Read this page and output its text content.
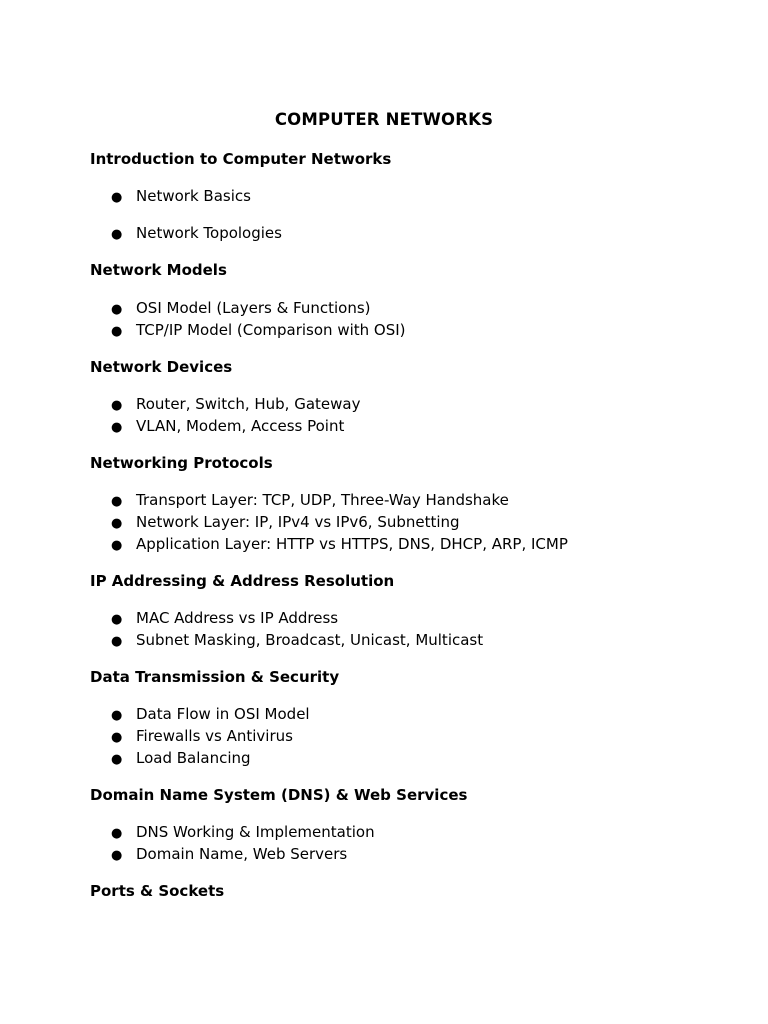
COMPUTER NETWORKS
Introduction to Computer Networks
● Network Basics
● Network Topologies
Network Models
● OSI Model (Layers & Functions)
● TCP/IP Model (Comparison with OSI)
Network Devices
● Router, Switch, Hub, Gateway
● VLAN, Modem, Access Point
Networking Protocols
● Transport Layer: TCP, UDP, Three-Way Handshake
● Network Layer: IP, IPv4 vs IPv6, Subnetting
● Application Layer: HTTP vs HTTPS, DNS, DHCP, ARP, ICMP
IP Addressing & Address Resolution
● MAC Address vs IP Address
● Subnet Masking, Broadcast, Unicast, Multicast
Data Transmission & Security
● Data Flow in OSI Model
● Firewalls vs Antivirus
● Load Balancing
Domain Name System (DNS) & Web Services
● DNS Working & Implementation
● Domain Name, Web Servers
Ports & Sockets
